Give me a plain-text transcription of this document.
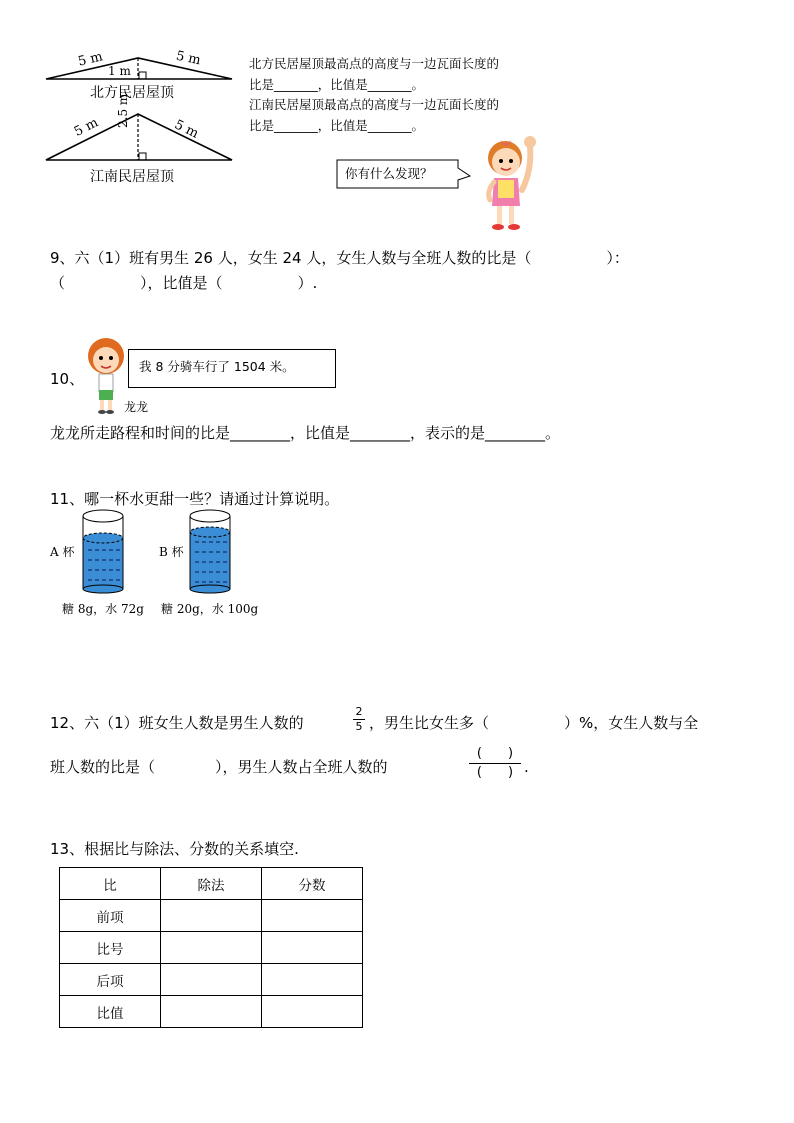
5 m	5 m
1 m
北方民居屋顶
5 m	5 m
2.5 m
江南民居屋顶
北方民居屋顶最高点的高度与一边瓦面长度的
比是_______，比值是_______。
江南民居屋顶最高点的高度与一边瓦面长度的
比是_______，比值是_______。
你有什么发现？
9、六（1）班有男生 26 人，女生 24 人，女生人数与全班人数的比是（　　　　　）：
（　　　　　），比值是（　　　　　）.
10、
我 8 分骑车行了 1504 米。
龙龙
龙龙所走路程和时间的比是________，比值是________，表示的是________。
11、哪一杯水更甜一些？请通过计算说明。
A 杯	B 杯
糖 8g，水 72g 糖 20g，水 100g
12、六（1）班女生人数是男生人数的
2
5 ，男生比女生多（　　　　　）%，女生人数与全
班人数的比是（　　　　），男生人数占全班人数的
(　　)
(　　) .
13、根据比与除法、分数的关系填空.
比	除法	分数
前项		
比号		
后项		
比值		
